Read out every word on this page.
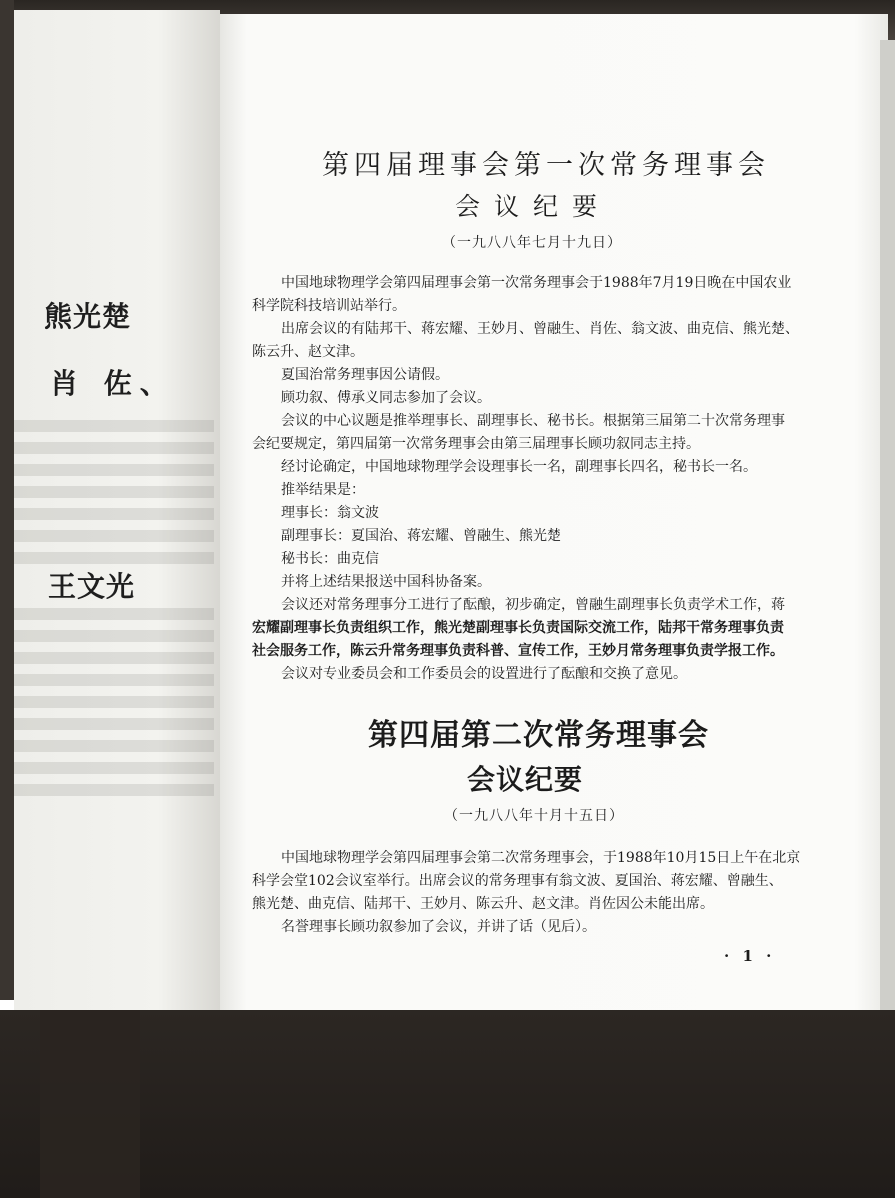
熊光楚
肖 佐、
王文光
第四届理事会第一次常务理事会
会议纪要
（一九八八年七月十九日）
中国地球物理学会第四届理事会第一次常务理事会于1988年7月19日晚在中国农业
科学院科技培训站举行。
出席会议的有陆邦干、蒋宏耀、王妙月、曾融生、肖佐、翁文波、曲克信、熊光楚、
陈云升、赵文津。
夏国治常务理事因公请假。
顾功叙、傅承义同志参加了会议。
会议的中心议题是推举理事长、副理事长、秘书长。根据第三届第二十次常务理事
会纪要规定，第四届第一次常务理事会由第三届理事长顾功叙同志主持。
经讨论确定，中国地球物理学会设理事长一名，副理事长四名，秘书长一名。
推举结果是：
理事长：翁文波
副理事长：夏国治、蒋宏耀、曾融生、熊光楚
秘书长：曲克信
并将上述结果报送中国科协备案。
会议还对常务理事分工进行了酝酿，初步确定，曾融生副理事长负责学术工作，蒋
宏耀副理事长负责组织工作，熊光楚副理事长负责国际交流工作，陆邦干常务理事负责
社会服务工作，陈云升常务理事负责科普、宣传工作，王妙月常务理事负责学报工作。
会议对专业委员会和工作委员会的设置进行了酝酿和交换了意见。
第四届第二次常务理事会
会议纪要
（一九八八年十月十五日）
中国地球物理学会第四届理事会第二次常务理事会，于1988年10月15日上午在北京
科学会堂102会议室举行。出席会议的常务理事有翁文波、夏国治、蒋宏耀、曾融生、
熊光楚、曲克信、陆邦干、王妙月、陈云升、赵文津。肖佐因公未能出席。
名誉理事长顾功叙参加了会议，并讲了话（见后）。
· 1 ·
